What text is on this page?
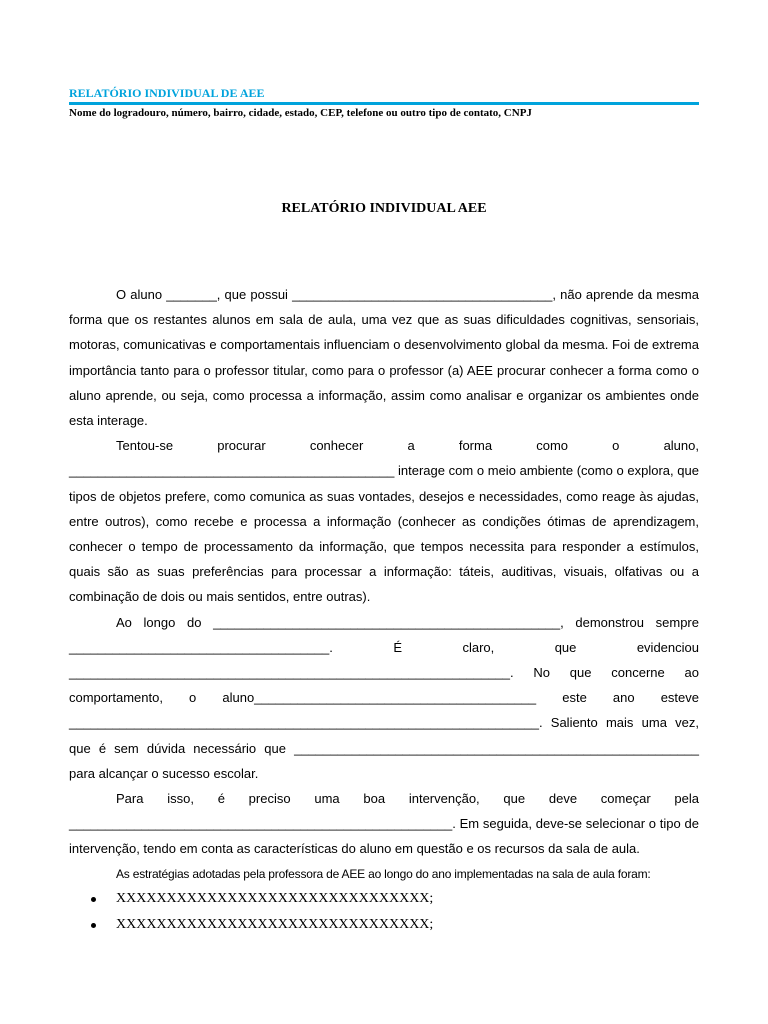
RELATÓRIO INDIVIDUAL DE AEE
Nome do logradouro, número, bairro, cidade, estado, CEP, telefone ou outro tipo de contato, CNPJ
RELATÓRIO INDIVIDUAL AEE

O aluno _______, que possui ____________________________________, não aprende da mesma forma que os restantes alunos em sala de aula, uma vez que as suas dificuldades cognitivas, sensoriais, motoras, comunicativas e comportamentais influenciam o desenvolvimento global da mesma. Foi de extrema importância tanto para o professor titular, como para o professor (a) AEE procurar conhecer a forma como o aluno aprende, ou seja, como processa a informação, assim como analisar e organizar os ambientes onde esta interage.

Tentou-se procurar conhecer a forma como o aluno, _____________________________________________ interage com o meio ambiente (como o explora, que tipos de objetos prefere, como comunica as suas vontades, desejos e necessidades, como reage às ajudas, entre outros), como recebe e processa a informação (conhecer as condições ótimas de aprendizagem, conhecer o tempo de processamento da informação, que tempos necessita para responder a estímulos, quais são as suas preferências para processar a informação: táteis, auditivas, visuais, olfativas ou a combinação de dois ou mais sentidos, entre outras).

Ao longo do ________________________________________________, demonstrou sempre ____________________________________. É claro, que evidenciou _____________________________________________________________. No que concerne ao comportamento, o aluno_______________________________________ este ano esteve _________________________________________________________________. Saliento mais uma vez, que é sem dúvida necessário que ________________________________________________________ para alcançar o sucesso escolar.

Para isso, é preciso uma boa intervenção, que deve começar pela _____________________________________________________. Em seguida, deve-se selecionar o tipo de intervenção, tendo em conta as características do aluno em questão e os recursos da sala de aula.

As estratégias adotadas pela professora de AEE ao longo do ano implementadas na sala de aula foram:
XXXXXXXXXXXXXXXXXXXXXXXXXXXXXXX;
XXXXXXXXXXXXXXXXXXXXXXXXXXXXXXX;
